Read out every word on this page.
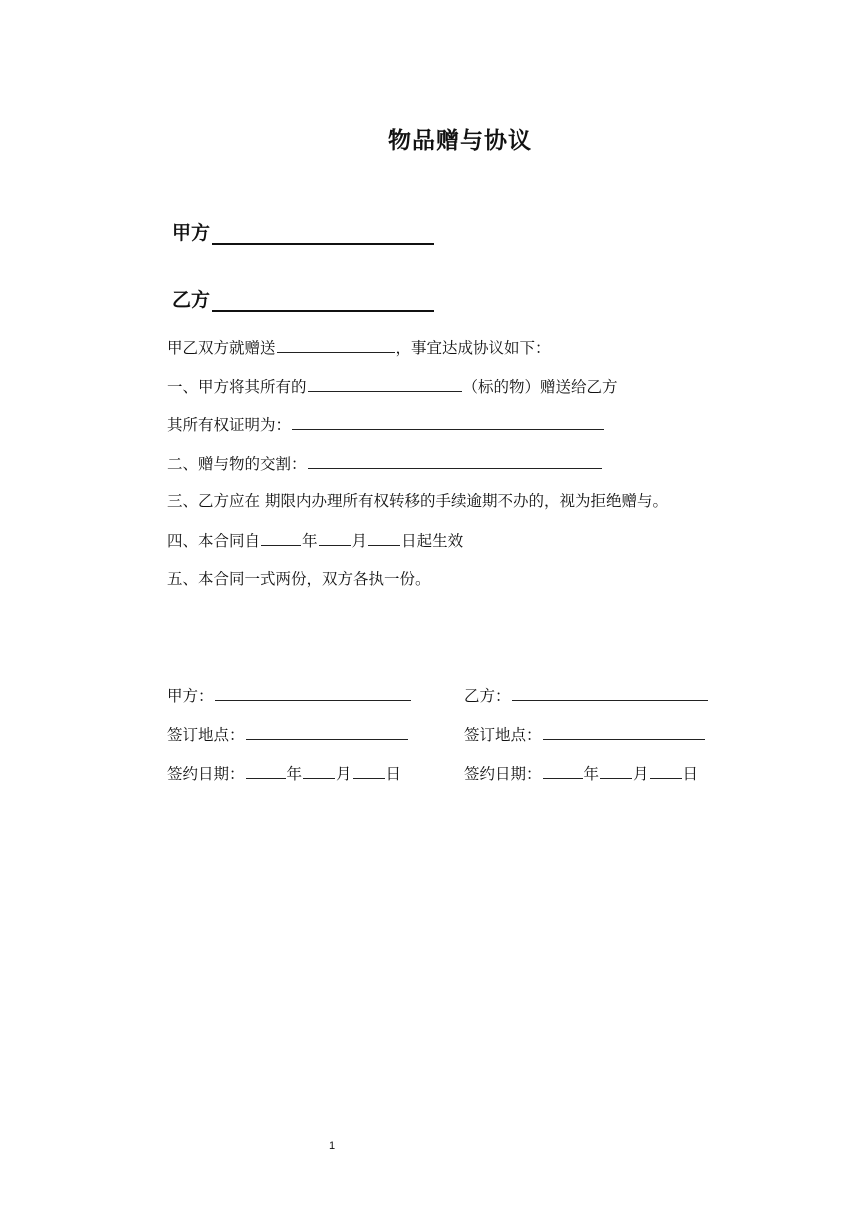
物品赠与协议
甲方
乙方
甲乙双方就赠送	，事宜达成协议如下：
一、甲方将其所有的	（标的物）赠送给乙方
其所有权证明为：
二、赠与物的交割：
三、乙方应在 期限内办理所有权转移的手续逾期不办的，视为拒绝赠与。
四、本合同自	年 月 日起生效
五、本合同一式两份，双方各执一份。
甲方：
签订地点：
签约日期：	年 月 日
乙方：
签订地点：
签约日期：	年 月 日
1
